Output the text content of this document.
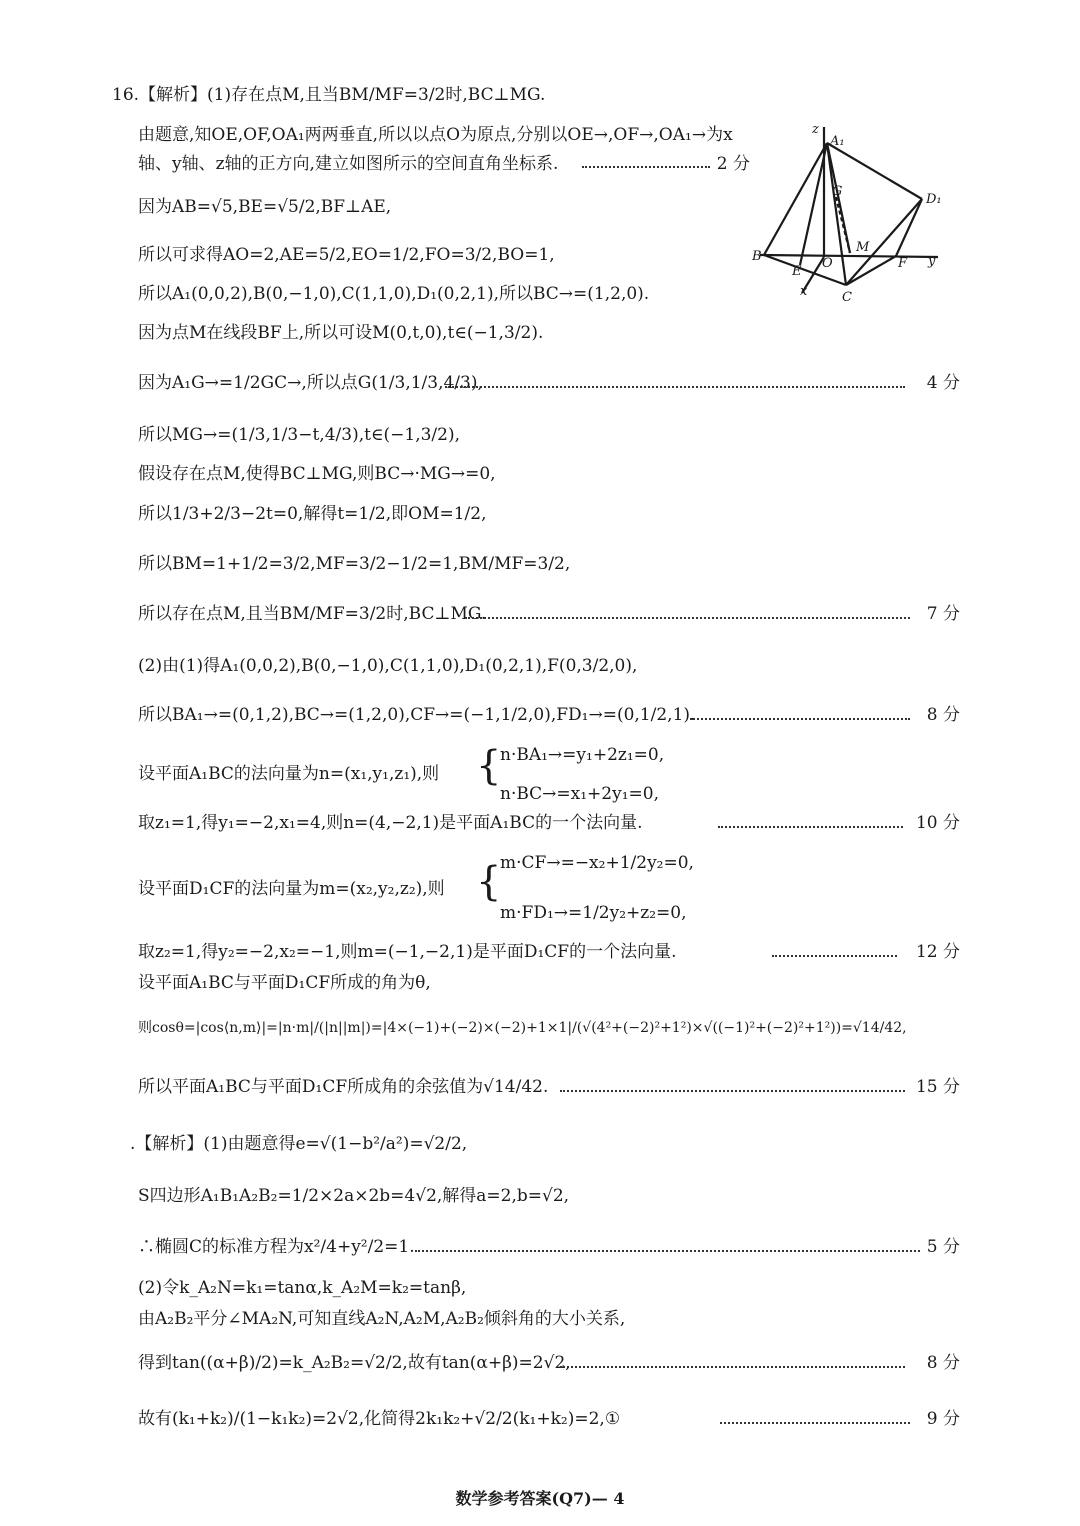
16.【解析】(1)存在点M,且当BM/MF=3/2时,BC⊥MG.
由题意,知OE,OF,OA₁两两垂直,所以以点O为原点,分别以OE→,OF→,OA₁→为x
轴、y轴、z轴的正方向,建立如图所示的空间直角坐标系.	2 分
因为AB=√5,BE=√5/2,BF⊥AE,
所以可求得AO=2,AE=5/2,EO=1/2,FO=3/2,BO=1,
所以A₁(0,0,2),B(0,−1,0),C(1,1,0),D₁(0,2,1),所以BC→=(1,2,0).
因为点M在线段BF上,所以可设M(0,t,0),t∈(−1,3/2).
因为A₁G→=1/2GC→,所以点G(1/3,1/3,4/3),	4 分
所以MG→=(1/3,1/3−t,4/3),t∈(−1,3/2),
假设存在点M,使得BC⊥MG,则BC→·MG→=0,
所以1/3+2/3−2t=0,解得t=1/2,即OM=1/2,
所以BM=1+1/2=3/2,MF=3/2−1/2=1,BM/MF=3/2,
所以存在点M,且当BM/MF=3/2时,BC⊥MG.	7 分
(2)由(1)得A₁(0,0,2),B(0,−1,0),C(1,1,0),D₁(0,2,1),F(0,3/2,0),
所以BA₁→=(0,1,2),BC→=(1,2,0),CF→=(−1,1/2,0),FD₁→=(0,1/2,1).	8 分
设平面A₁BC的法向量为n=(x₁,y₁,z₁),则 {
n·BA₁→=y₁+2z₁=0,
n·BC→=x₁+2y₁=0,
取z₁=1,得y₁=−2,x₁=4,则n=(4,−2,1)是平面A₁BC的一个法向量.	10 分
设平面D₁CF的法向量为m=(x₂,y₂,z₂),则 {
m·CF→=−x₂+1/2y₂=0,
m·FD₁→=1/2y₂+z₂=0,
取z₂=1,得y₂=−2,x₂=−1,则m=(−1,−2,1)是平面D₁CF的一个法向量.	12 分
设平面A₁BC与平面D₁CF所成的角为θ,
则cosθ=|cos⟨n,m⟩|=|n·m|/(|n||m|)=|4×(−1)+(−2)×(−2)+1×1|/(√(4²+(−2)²+1²)×√((−1)²+(−2)²+1²))=√14/42,
所以平面A₁BC与平面D₁CF所成角的余弦值为√14/42.	15 分
.【解析】(1)由题意得e=√(1−b²/a²)=√2/2,
S四边形A₁B₁A₂B₂=1/2×2a×2b=4√2,解得a=2,b=√2,
∴椭圆C的标准方程为x²/4+y²/2=1.	5 分
(2)令k_A₂N=k₁=tanα,k_A₂M=k₂=tanβ,
由A₂B₂平分∠MA₂N,可知直线A₂N,A₂M,A₂B₂倾斜角的大小关系,
得到tan((α+β)/2)=k_A₂B₂=√2/2,故有tan(α+β)=2√2,	8 分
故有(k₁+k₂)/(1−k₁k₂)=2√2,化简得2k₁k₂+√2/2(k₁+k₂)=2,①	9 分
z
A₁
G
D₁
M
B	O	F y
E
x	C
数学参考答案(Q7)— 4
